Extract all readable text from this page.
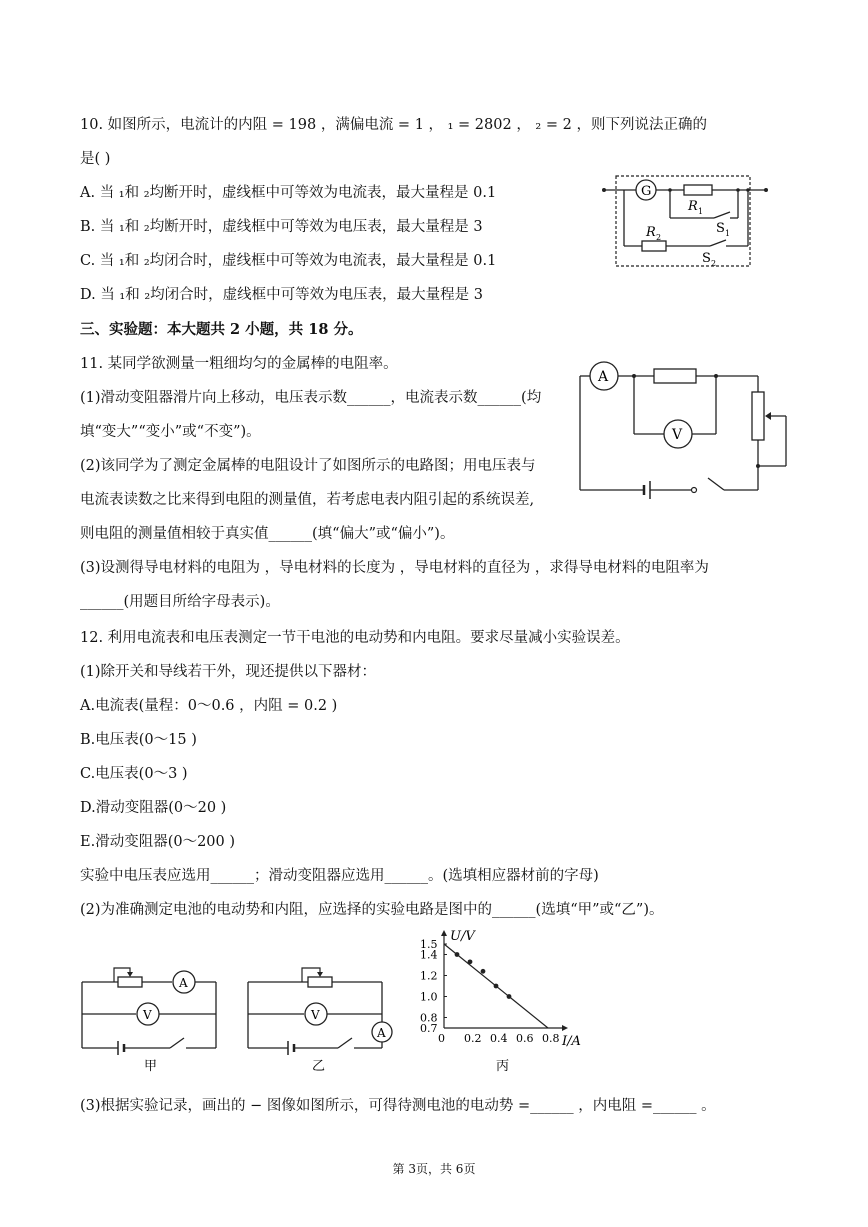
10. 如图所示，电流计的内阻 = 198 ，满偏电流 = 1 ， ₁ = 2802 ， ₂ = 2 ，则下列说法正确的
是( )
A. 当 ₁和 ₂均断开时，虚线框中可等效为电流表，最大量程是 0.1
B. 当 ₁和 ₂均断开时，虚线框中可等效为电压表，最大量程是 3
C. 当 ₁和 ₂均闭合时，虚线框中可等效为电流表，最大量程是 0.1
D. 当 ₁和 ₂均闭合时，虚线框中可等效为电压表，最大量程是 3
G
R 1
S 1
R 2
S 2
三、实验题：本大题共 2 小题，共 18 分。
11. 某同学欲测量一粗细均匀的金属棒的电阻率。
(1)滑动变阻器滑片向上移动，电压表示数______，电流表示数______(均
填“变大”“变小”或“不变”)。
(2)该同学为了测定金属棒的电阻设计了如图所示的电路图；用电压表与
电流表读数之比来得到电阻的测量值，若考虑电表内阻引起的系统误差,
则电阻的测量值相较于真实值______(填“偏大”或“偏小”)。
(3)设测得导电材料的电阻为 ，导电材料的长度为 ，导电材料的直径为 ，求得导电材料的电阻率为
______(用题目所给字母表示)。
A
V
12. 利用电流表和电压表测定一节干电池的电动势和内电阻。要求尽量减小实验误差。
(1)除开关和导线若干外，现还提供以下器材：
A.电流表(量程：0～0.6 ，内阻 = 0.2 )
B.电压表(0～15 )
C.电压表(0～3 )
D.滑动变阻器(0～20 )
E.滑动变阻器(0～200 )
实验中电压表应选用______；滑动变阻器应选用______。(选填相应器材前的字母)
(2)为准确测定电池的电动势和内阻，应选择的实验电路是图中的______(选填“甲”或“乙”)。
A
V
甲
V
A
乙
0 0.2 0.4 0.6 0.8
0.7
0.8
1.0
1.2
1.4
1.5
U/V
I/A
丙
(3)根据实验记录，画出的 − 图像如图所示，可得待测电池的电动势 =______ ，内电阻 =______ 。
第 3页，共 6页
